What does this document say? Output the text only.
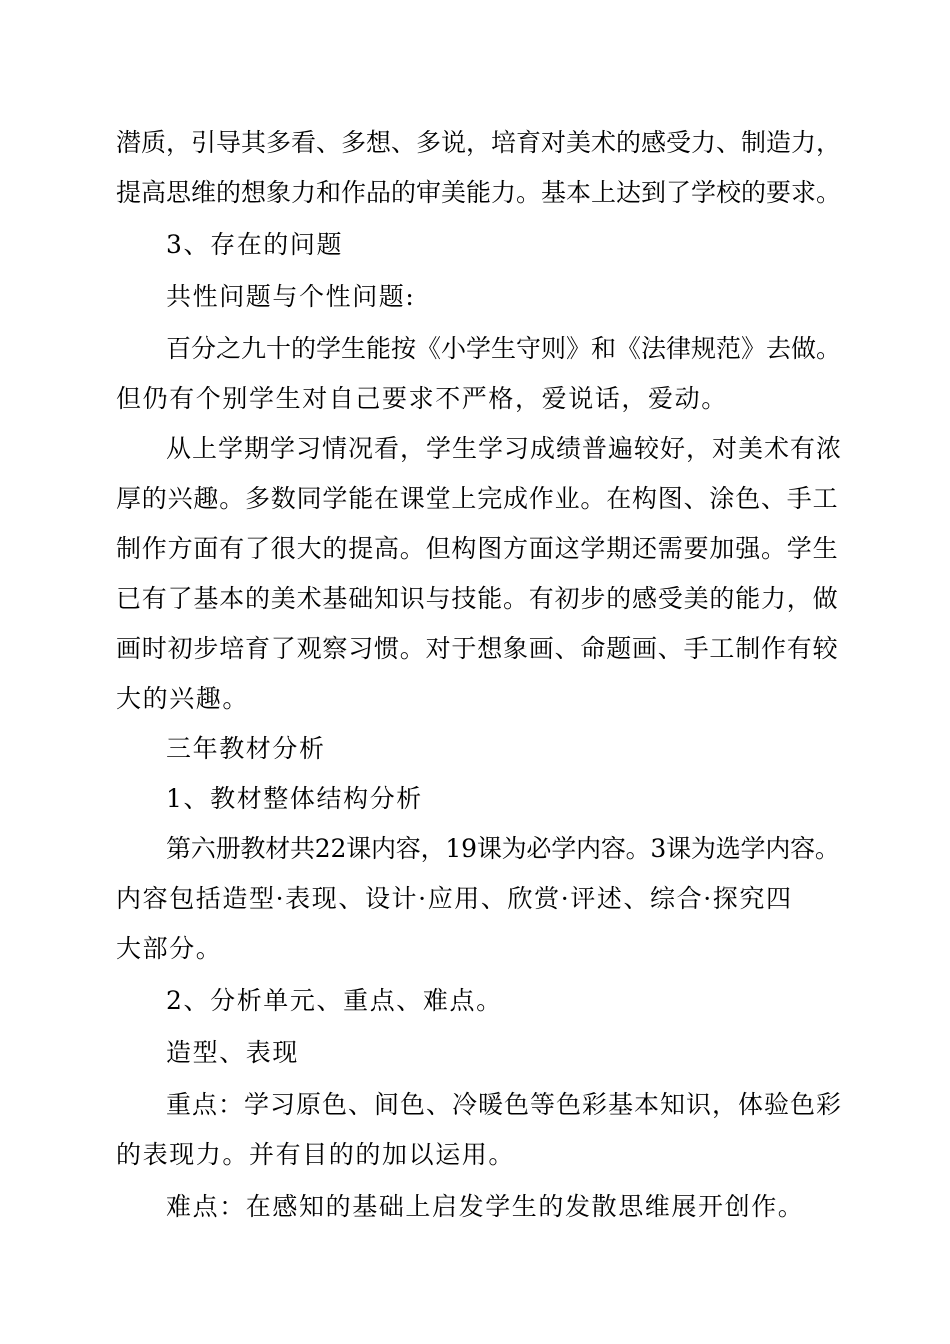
潜质，引导其多看、多想、多说，培育对美术的感受力、制造力，
提高思维的想象力和作品的审美能力。基本上达到了学校的要求。
3、存在的问题
共性问题与个性问题:
百分之九十的学生能按《小学生守则》和《法律规范》去做。
但仍有个别学生对自己要求不严格，爱说话，爱动。
从上学期学习情况看，学生学习成绩普遍较好，对美术有浓
厚的兴趣。多数同学能在课堂上完成作业。在构图、涂色、手工
制作方面有了很大的提高。但构图方面这学期还需要加强。学生
已有了基本的美术基础知识与技能。有初步的感受美的能力，做
画时初步培育了观察习惯。对于想象画、命题画、手工制作有较
大的兴趣。
三年教材分析
1、教材整体结构分析
第六册教材共22课内容，19课为必学内容。3课为选学内容。
内容包括造型·表现、设计·应用、欣赏·评述、综合·探究四
大部分。
2、分析单元、重点、难点。
造型、表现
重点：学习原色、间色、冷暖色等色彩基本知识，体验色彩
的表现力。并有目的的加以运用。
难点：在感知的基础上启发学生的发散思维展开创作。
